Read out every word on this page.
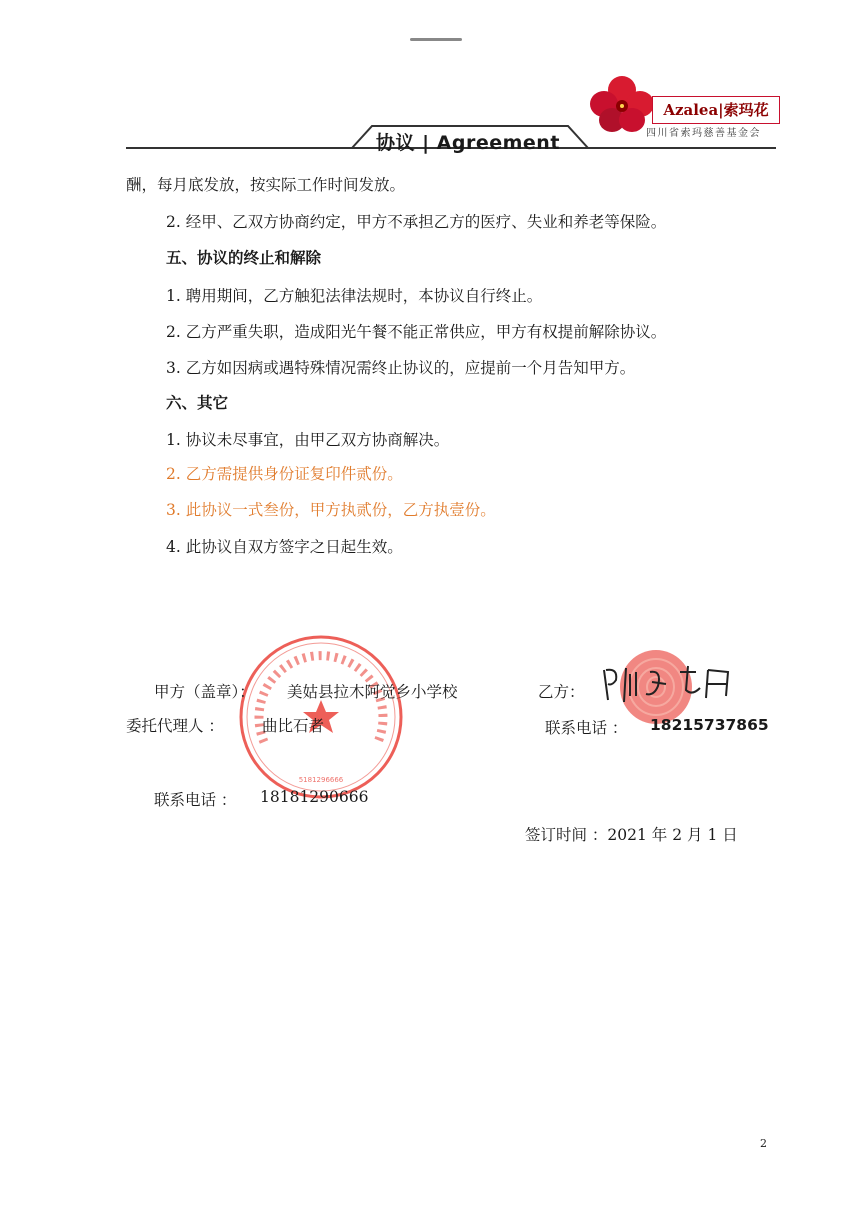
协议 | Agreement
Azalea|索玛花
四川省索玛慈善基金会
酬，每月底发放，按实际工作时间发放。
2. 经甲、乙双方协商约定，甲方不承担乙方的医疗、失业和养老等保险。
五、协议的终止和解除
1. 聘用期间，乙方触犯法律法规时，本协议自行终止。
2. 乙方严重失职，造成阳光午餐不能正常供应，甲方有权提前解除协议。
3. 乙方如因病或遇特殊情况需终止协议的，应提前一个月告知甲方。
六、其它
1. 协议未尽事宜，由甲乙双方协商解决。
2. 乙方需提供身份证复印件贰份。
3. 此协议一式叁份，甲方执贰份，乙方执壹份。
4. 此协议自双方签字之日起生效。
5181296666
甲方（盖章）： 美姑县拉木阿觉乡小学校	乙方：
委托代理人 ： 曲比石者	联系电话 ： 18215737865
联系电话 ： 18181290666
签订时间 ：2021 年 2 月 1 日
2
